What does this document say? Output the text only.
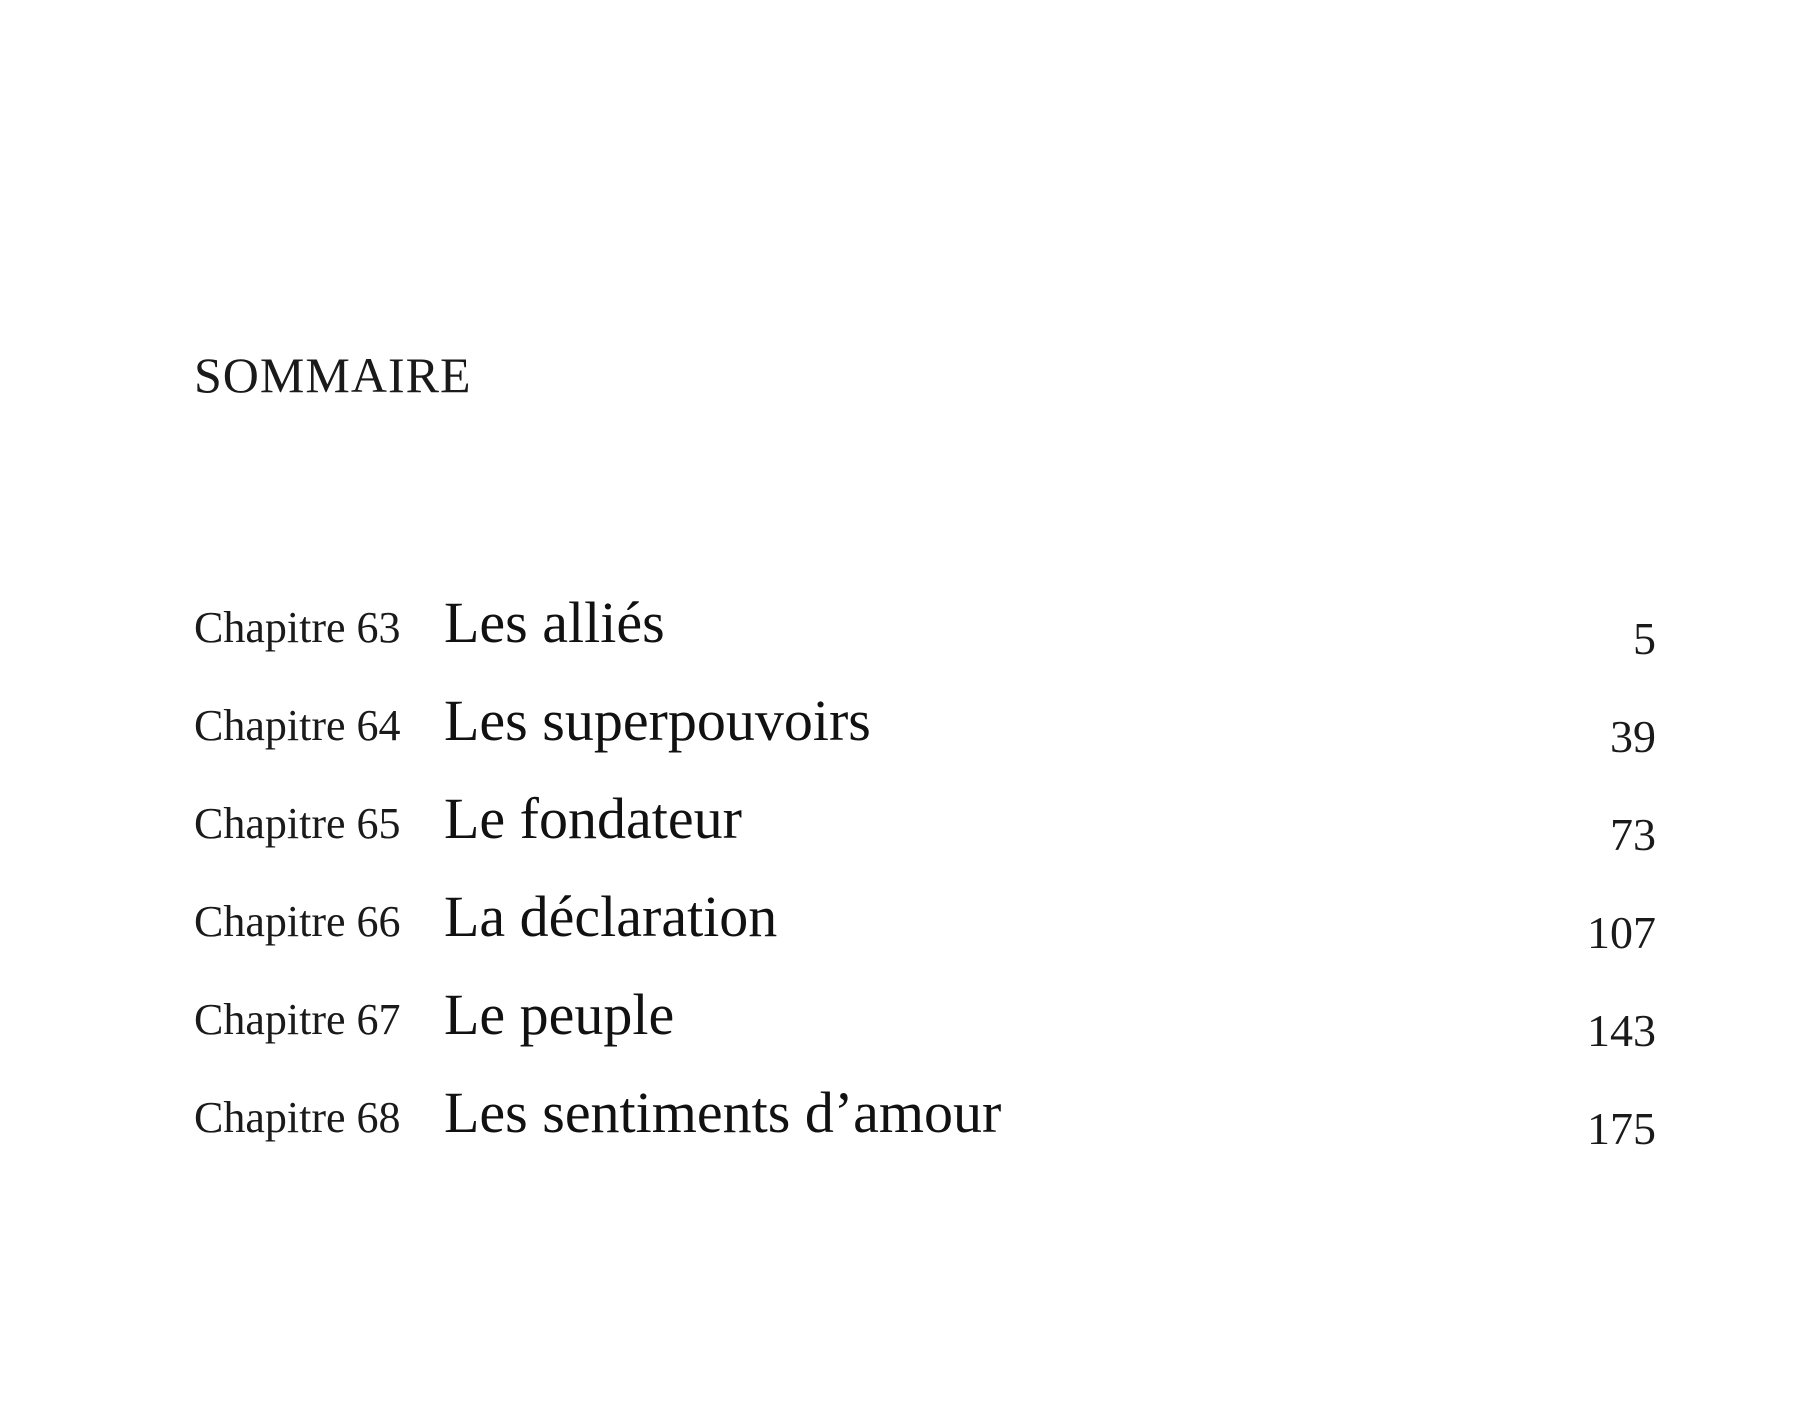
SOMMAIRE
Chapitre 63 Les alliés	5
Chapitre 64 Les superpouvoirs	39
Chapitre 65 Le fondateur	73
Chapitre 66 La déclaration	107
Chapitre 67 Le peuple	143
Chapitre 68 Les sentiments d’amour	175
